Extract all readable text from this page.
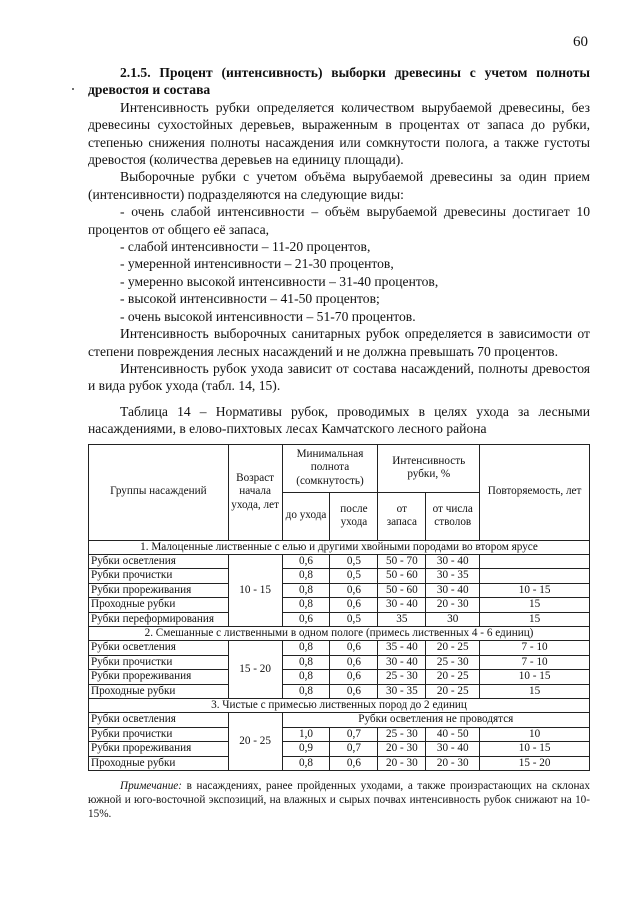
60

2.1.5. Процент (интенсивность) выборки древесины с учетом полноты древостоя и состава

Интенсивность рубки определяется количеством вырубаемой древесины, без древесины сухостойных деревьев, выраженным в процентах от запаса до рубки, степенью снижения полноты насаждения или сомкнутости полога, а также густоты древостоя (количества деревьев на единицу площади).

Выборочные рубки с учетом объёма вырубаемой древесины за один прием (интенсивности) подразделяются на следующие виды:

- очень слабой интенсивности – объём вырубаемой древесины достигает 10 процентов от общего её запаса,
- слабой интенсивности – 11-20 процентов,
- умеренной интенсивности – 21-30 процентов,
- умеренно высокой интенсивности – 31-40 процентов,
- высокой интенсивности – 41-50 процентов;
- очень высокой интенсивности – 51-70 процентов.

Интенсивность выборочных санитарных рубок определяется в зависимости от степени повреждения лесных насаждений и не должна превышать 70 процентов.

Интенсивность рубок ухода зависит от состава насаждений, полноты древостоя и вида рубок ухода (табл. 14, 15).

Таблица 14 – Нормативы рубок, проводимых в целях ухода за лесными насаждениями, в елово-пихтовых лесах Камчатского лесного района

Группы насаждений	Возраст начала ухода, лет	Минимальная полнота (сомкнутость)		Интенсивность рубки, %		Повторяемость, лет
		до ухода	после ухода	от запаса	от числа стволов	
1. Малоценные лиственные с елью и другими хвойными породами во втором ярусе						
Рубки осветления	10 - 15	0,6	0,5	50 - 70	30 - 40	
Рубки прочистки		0,8	0,5	50 - 60	30 - 35	
Рубки прореживания		0,8	0,6	50 - 60	30 - 40	10 - 15
Проходные рубки		0,8	0,6	30 - 40	20 - 30	15
Рубки переформирования		0,6	0,5	35	30	15
2. Смешанные с лиственными в одном пологе (примесь лиственных 4 - 6 единиц)						
Рубки осветления	15 - 20	0,8	0,6	35 - 40	20 - 25	7 - 10
Рубки прочистки		0,8	0,6	30 - 40	25 - 30	7 - 10
Рубки прореживания		0,8	0,6	25 - 30	20 - 25	10 - 15
Проходные рубки		0,8	0,6	30 - 35	20 - 25	15
3. Чистые с примесью лиственных пород до 2 единиц						
Рубки осветления	20 - 25	Рубки осветления не проводятся				
Рубки прочистки		1,0	0,7	25 - 30	40 - 50	10
Рубки прореживания		0,9	0,7	20 - 30	30 - 40	10 - 15
Проходные рубки		0,8	0,6	20 - 30	20 - 30	15 - 20

Примечание: в насаждениях, ранее пройденных уходами, а также произрастающих на склонах южной и юго-восточной экспозиций, на влажных и сырых почвах интенсивность рубок снижают на 10-15%.
